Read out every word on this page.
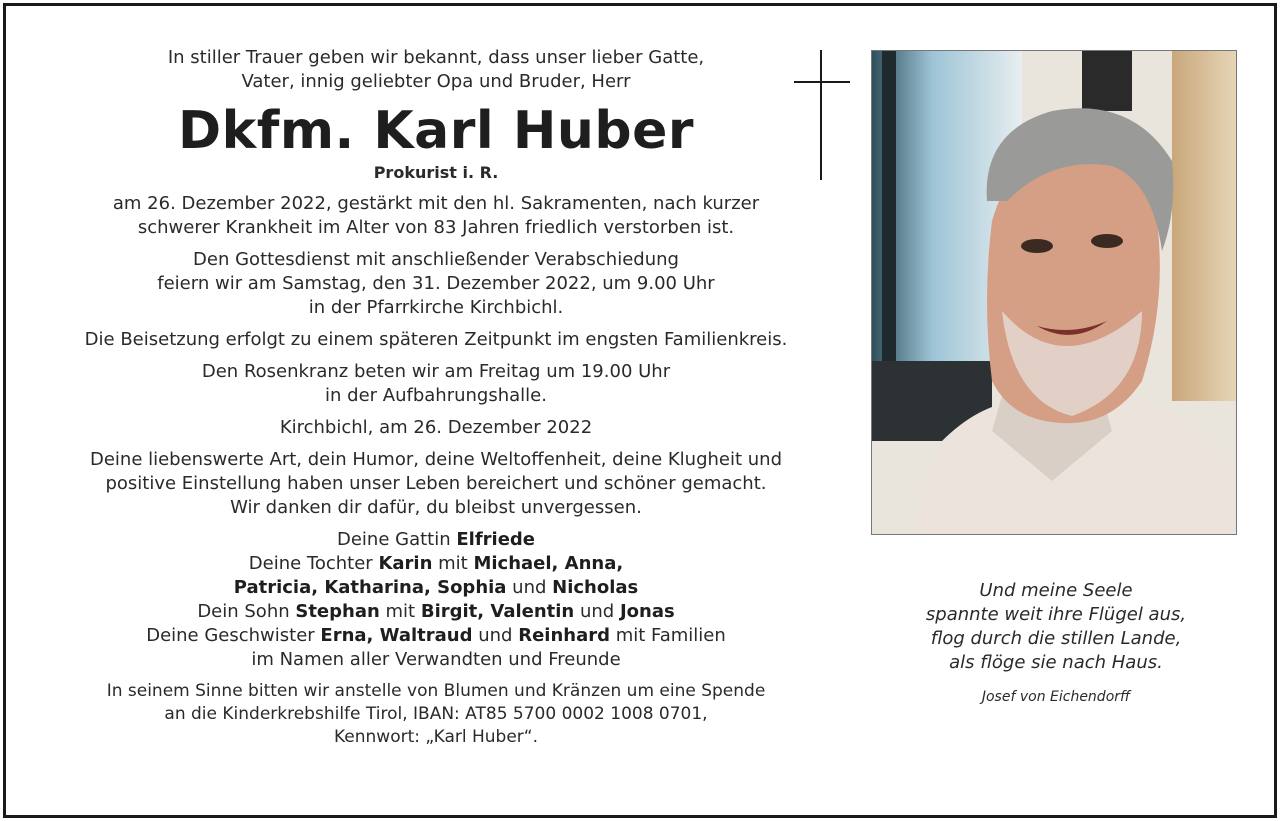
In stiller Trauer geben wir bekannt, dass unser lieber Gatte,
Vater, innig geliebter Opa und Bruder, Herr

Dkfm. Karl Huber

Prokurist i. R.

am 26. Dezember 2022, gestärkt mit den hl. Sakramenten, nach kurzer
schwerer Krankheit im Alter von 83 Jahren friedlich verstorben ist.

Den Gottesdienst mit anschließender Verabschiedung
feiern wir am Samstag, den 31. Dezember 2022, um 9.00 Uhr
in der Pfarrkirche Kirchbichl.

Die Beisetzung erfolgt zu einem späteren Zeitpunkt im engsten Familienkreis.

Den Rosenkranz beten wir am Freitag um 19.00 Uhr
in der Aufbahrungshalle.

Kirchbichl, am 26. Dezember 2022

Deine liebenswerte Art, dein Humor, deine Weltoffenheit, deine Klugheit und
positive Einstellung haben unser Leben bereichert und schöner gemacht.
Wir danken dir dafür, du bleibst unvergessen.

Deine Gattin Elfriede
Deine Tochter Karin mit Michael, Anna,
Patricia, Katharina, Sophia und Nicholas
Dein Sohn Stephan mit Birgit, Valentin und Jonas
Deine Geschwister Erna, Waltraud und Reinhard mit Familien
im Namen aller Verwandten und Freunde

In seinem Sinne bitten wir anstelle von Blumen und Kränzen um eine Spende
an die Kinderkrebshilfe Tirol, IBAN: AT85 5700 0002 1008 0701,
Kennwort: „Karl Huber“.

Und meine Seele

spannte weit ihre Flügel aus,

flog durch die stillen Lande,

als flöge sie nach Haus.

Josef von Eichendorff
